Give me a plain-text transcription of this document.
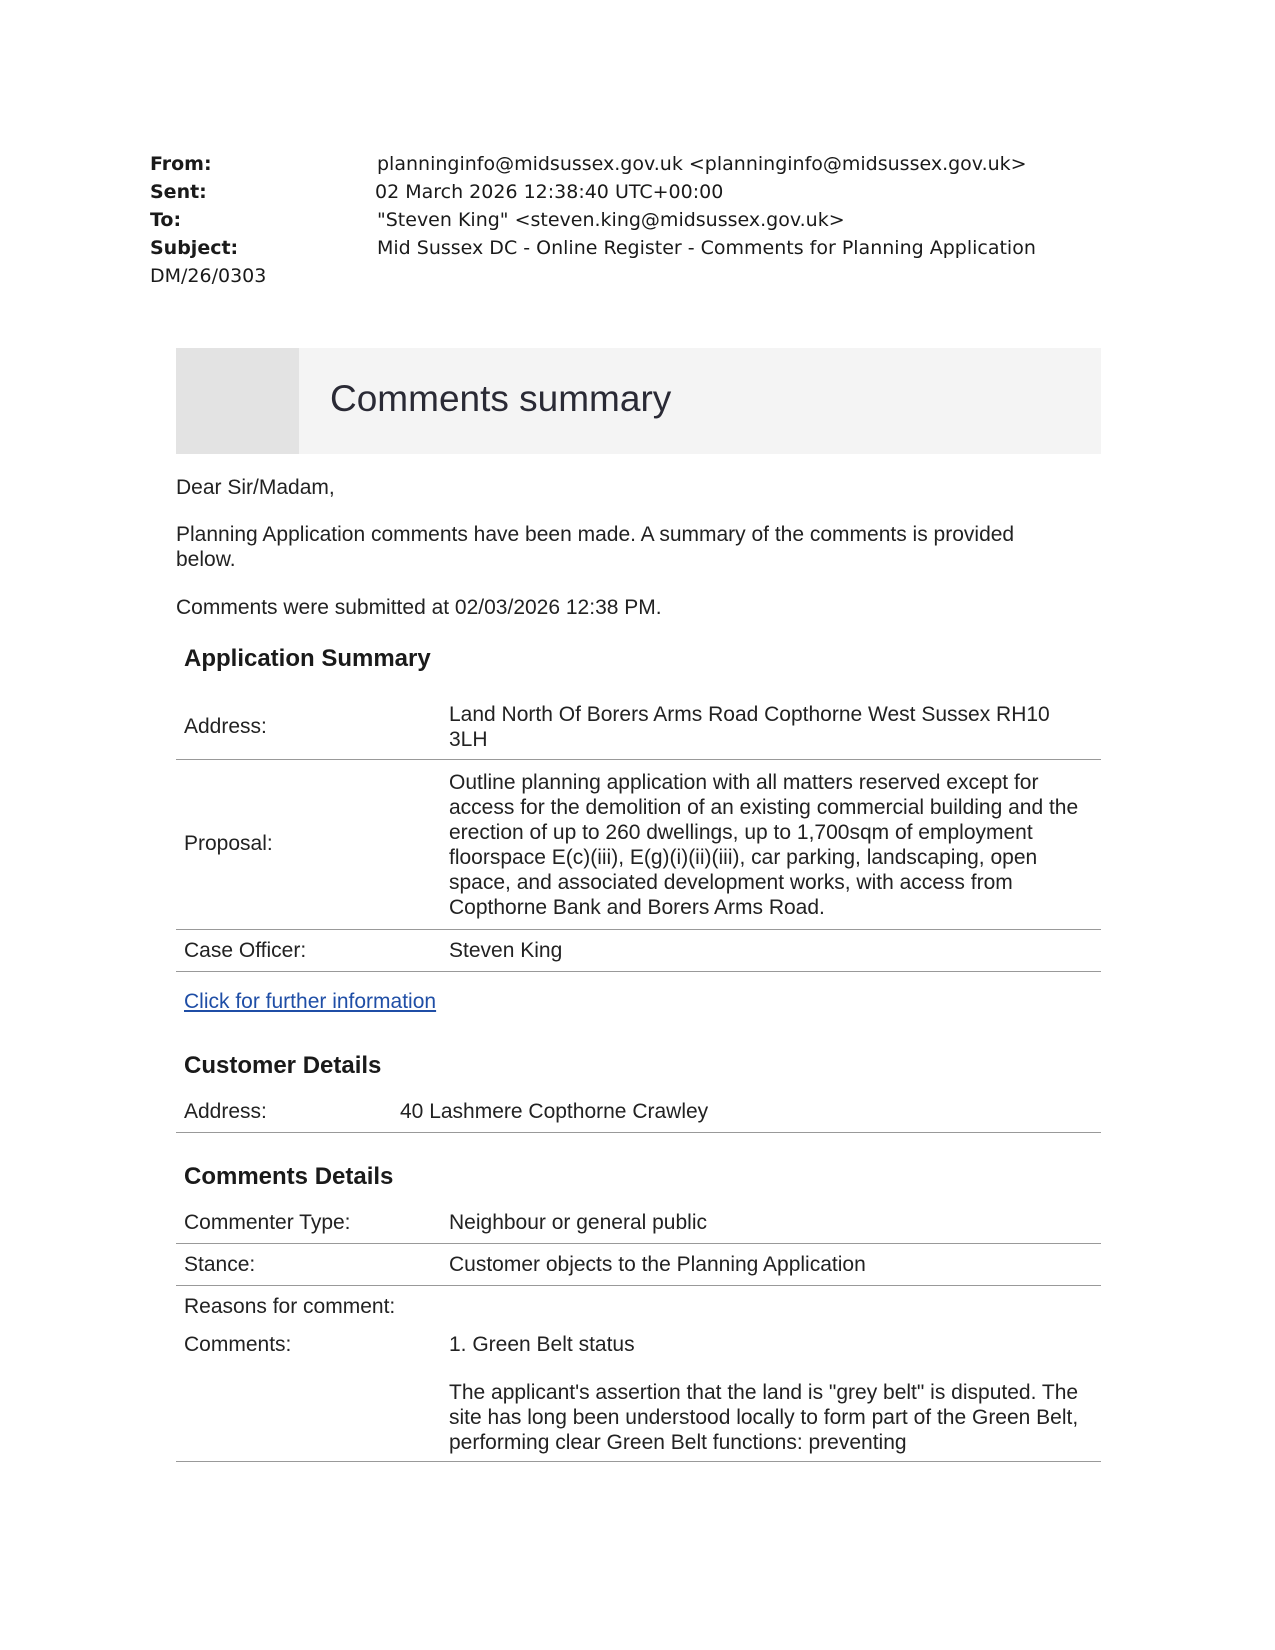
From:	planninginfo@midsussex.gov.uk <planninginfo@midsussex.gov.uk>
Sent:	02 March 2026 12:38:40 UTC+00:00
To:	"Steven King" <steven.king@midsussex.gov.uk>
Subject:	Mid Sussex DC - Online Register - Comments for Planning Application
DM/26/0303
Comments summary
Dear Sir/Madam,
Planning Application comments have been made. A summary of the comments is provided below.
Comments were submitted at 02/03/2026 12:38 PM.
Application Summary
Address:
Land North Of Borers Arms Road Copthorne West Sussex RH10 3LH
Proposal:
Outline planning application with all matters reserved except for access for the demolition of an existing commercial building and the erection of up to 260 dwellings, up to 1,700sqm of employment floorspace E(c)(iii), E(g)(i)(ii)(iii), car parking, landscaping, open space, and associated development works, with access from Copthorne Bank and Borers Arms Road.
Case Officer:	Steven King
Click for further information
Customer Details
Address:	40 Lashmere Copthorne Crawley
Comments Details
Commenter Type:	Neighbour or general public
Stance:	Customer objects to the Planning Application
Reasons for comment:
Comments:	1. Green Belt status
The applicant's assertion that the land is "grey belt" is disputed. The site has long been understood locally to form part of the Green Belt, performing clear Green Belt functions: preventing
